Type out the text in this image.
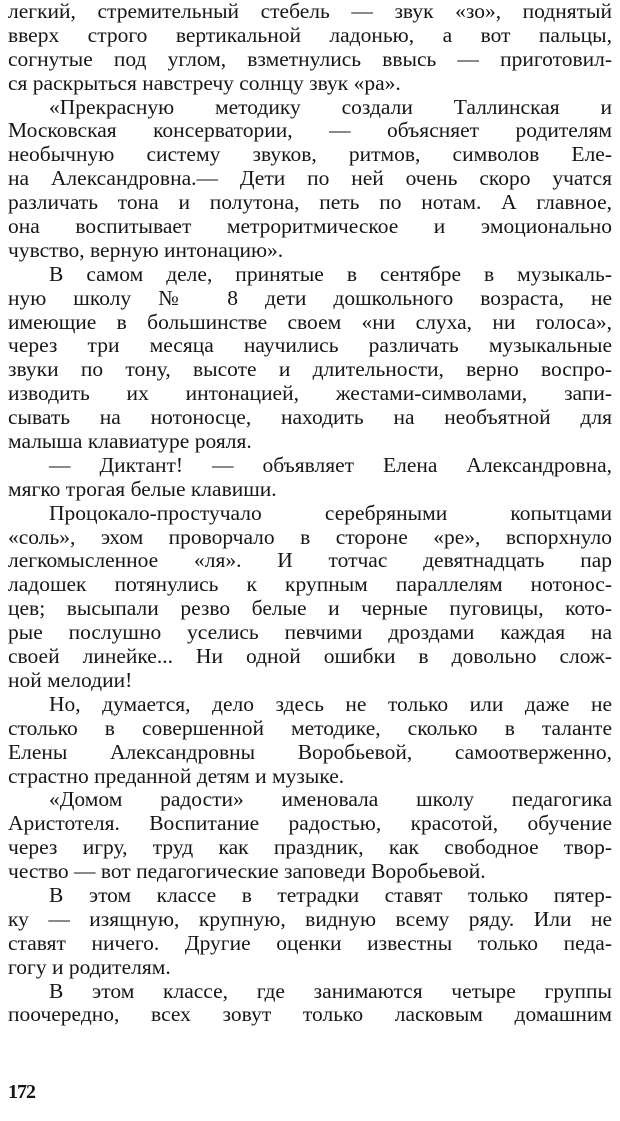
легкий, стремительный стебель — звук «зо», поднятый
вверх строго вертикальной ладонью, а вот пальцы,
согнутые под углом, взметнулись ввысь — приготовил-
ся раскрыться навстречу солнцу звук «ра».
«Прекрасную методику создали Таллинская и
Московская консерватории, — объясняет родителям
необычную систему звуков, ритмов, символов Еле-
на Александровна.— Дети по ней очень скоро учатся
различать тона и полутона, петь по нотам. А главное,
она воспитывает метроритмическое и эмоционально
чувство, верную интонацию».
В самом деле, принятые в сентябре в музыкаль-
ную школу № 8 дети дошкольного возраста, не
имеющие в большинстве своем «ни слуха, ни голоса»,
через три месяца научились различать музыкальные
звуки по тону, высоте и длительности, верно воспро-
изводить их интонацией, жестами-символами, запи-
сывать на нотоносце, находить на необъятной для
малыша клавиатуре рояля.
— Диктант! — объявляет Елена Александровна,
мягко трогая белые клавиши.
Процокало-простучало серебряными копытцами
«соль», эхом проворчало в стороне «ре», вспорхнуло
легкомысленное «ля». И тотчас девятнадцать пар
ладошек потянулись к крупным параллелям нотонос-
цев; высыпали резво белые и черные пуговицы, кото-
рые послушно уселись певчими дроздами каждая на
своей линейке... Ни одной ошибки в довольно слож-
ной мелодии!
Но, думается, дело здесь не только или даже не
столько в совершенной методике, сколько в таланте
Елены Александровны Воробьевой, самоотверженно,
страстно преданной детям и музыке.
«Домом радости» именовала школу педагогика
Аристотеля. Воспитание радостью, красотой, обучение
через игру, труд как праздник, как свободное твор-
чество — вот педагогические заповеди Воробьевой.
В этом классе в тетрадки ставят только пятер-
ку — изящную, крупную, видную всему ряду. Или не
ставят ничего. Другие оценки известны только педа-
гогу и родителям.
В этом классе, где занимаются четыре группы
поочередно, всех зовут только ласковым домашним
172
